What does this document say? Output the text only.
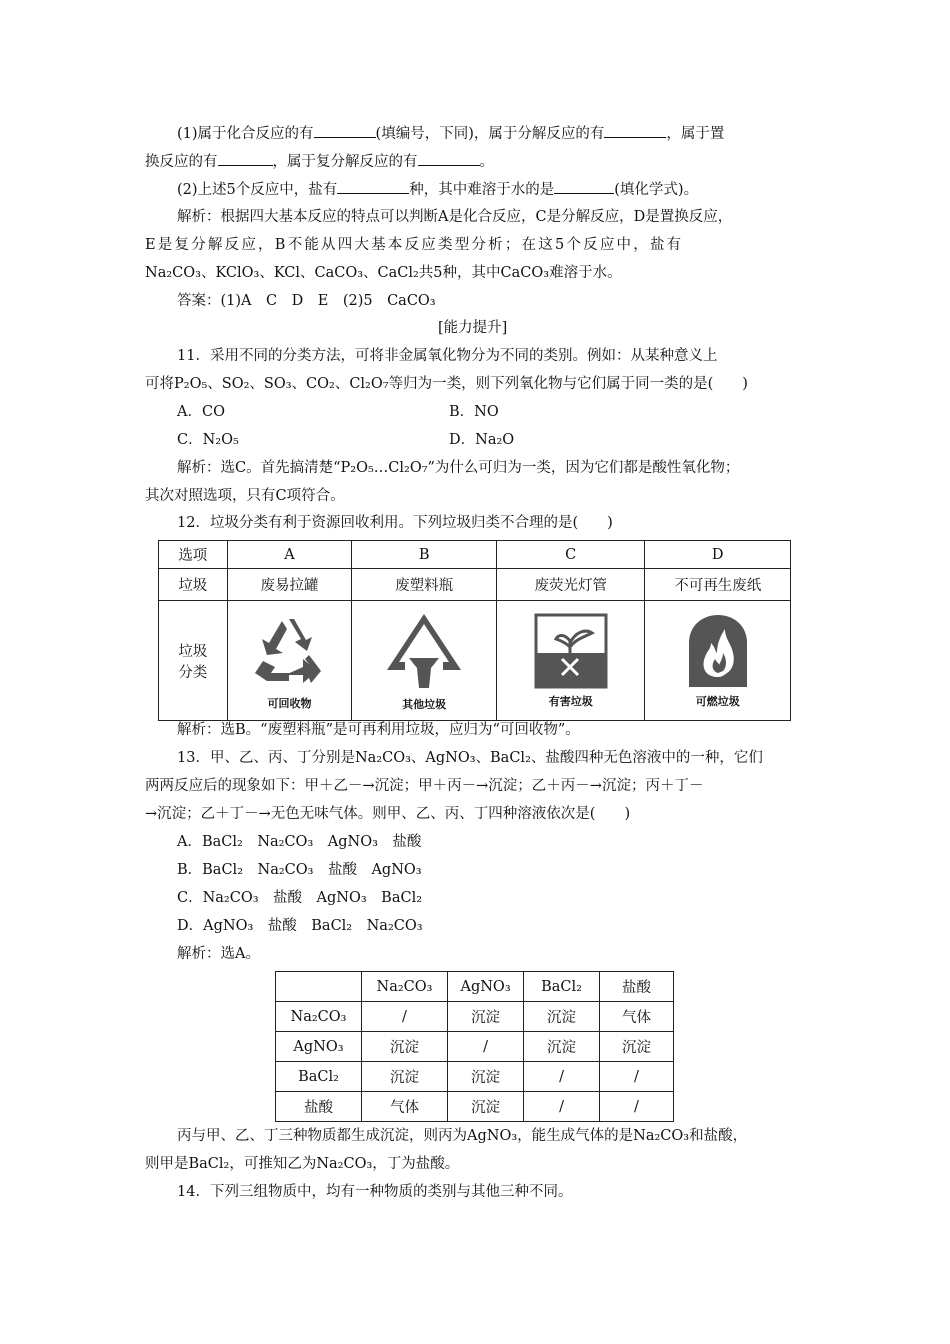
(1)属于化合反应的有	(填编号，下同)，属于分解反应的有	，属于置
换反应的有	，属于复分解反应的有	。
(2)上述5个反应中，盐有	种，其中难溶于水的是	(填化学式)。
解析：根据四大基本反应的特点可以判断A是化合反应，C是分解反应，D是置换反应，
E 是 复 分 解 反 应 ， B 不 能 从 四 大 基 本 反 应 类 型 分 析 ； 在 这 5 个 反 应 中 ， 盐 有
Na₂CO₃、KClO₃、KCl、CaCO₃、CaCl₂共5种，其中CaCO₃难溶于水。
答案：(1)A　C　D　E　(2)5　CaCO₃
[能力提升]
11．采用不同的分类方法，可将非金属氧化物分为不同的类别。例如：从某种意义上
可将P₂O₅、SO₂、SO₃、CO₂、Cl₂O₇等归为一类，则下列氧化物与它们属于同一类的是(　　)
A．CO	B．NO
C．N₂O₅	D．Na₂O
解析：选C。首先搞清楚“P₂O₅…Cl₂O₇”为什么可归为一类，因为它们都是酸性氧化物；
其次对照选项，只有C项符合。
12．垃圾分类有利于资源回收利用。下列垃圾归类不合理的是(　　)
选项	A	B	C	D
垃圾	废易拉罐	废塑料瓶	废荧光灯管	不可再生废纸

垃圾
分类	可回收物	其他垃圾	有害垃圾	可燃垃圾
解析：选B。“废塑料瓶”是可再利用垃圾，应归为“可回收物”。
13．甲、乙、丙、丁分别是Na₂CO₃、AgNO₃、BaCl₂、盐酸四种无色溶液中的一种，它们
两两反应后的现象如下：甲＋乙－→沉淀；甲＋丙－→沉淀；乙＋丙－→沉淀；丙＋丁－
→沉淀；乙＋丁－→无色无味气体。则甲、乙、丙、丁四种溶液依次是(　　)
A．BaCl₂　Na₂CO₃　AgNO₃　盐酸
B．BaCl₂　Na₂CO₃　盐酸　AgNO₃
C．Na₂CO₃　盐酸　AgNO₃　BaCl₂
D．AgNO₃　盐酸　BaCl₂　Na₂CO₃
解析：选A。
	Na₂CO₃	AgNO₃	BaCl₂	盐酸
Na₂CO₃	/	沉淀	沉淀	气体
AgNO₃	沉淀	/	沉淀	沉淀
BaCl₂	沉淀	沉淀	/	/
盐酸	气体	沉淀	/	/
丙与甲、乙、丁三种物质都生成沉淀，则丙为AgNO₃，能生成气体的是Na₂CO₃和盐酸，
则甲是BaCl₂，可推知乙为Na₂CO₃，丁为盐酸。
14．下列三组物质中，均有一种物质的类别与其他三种不同。
